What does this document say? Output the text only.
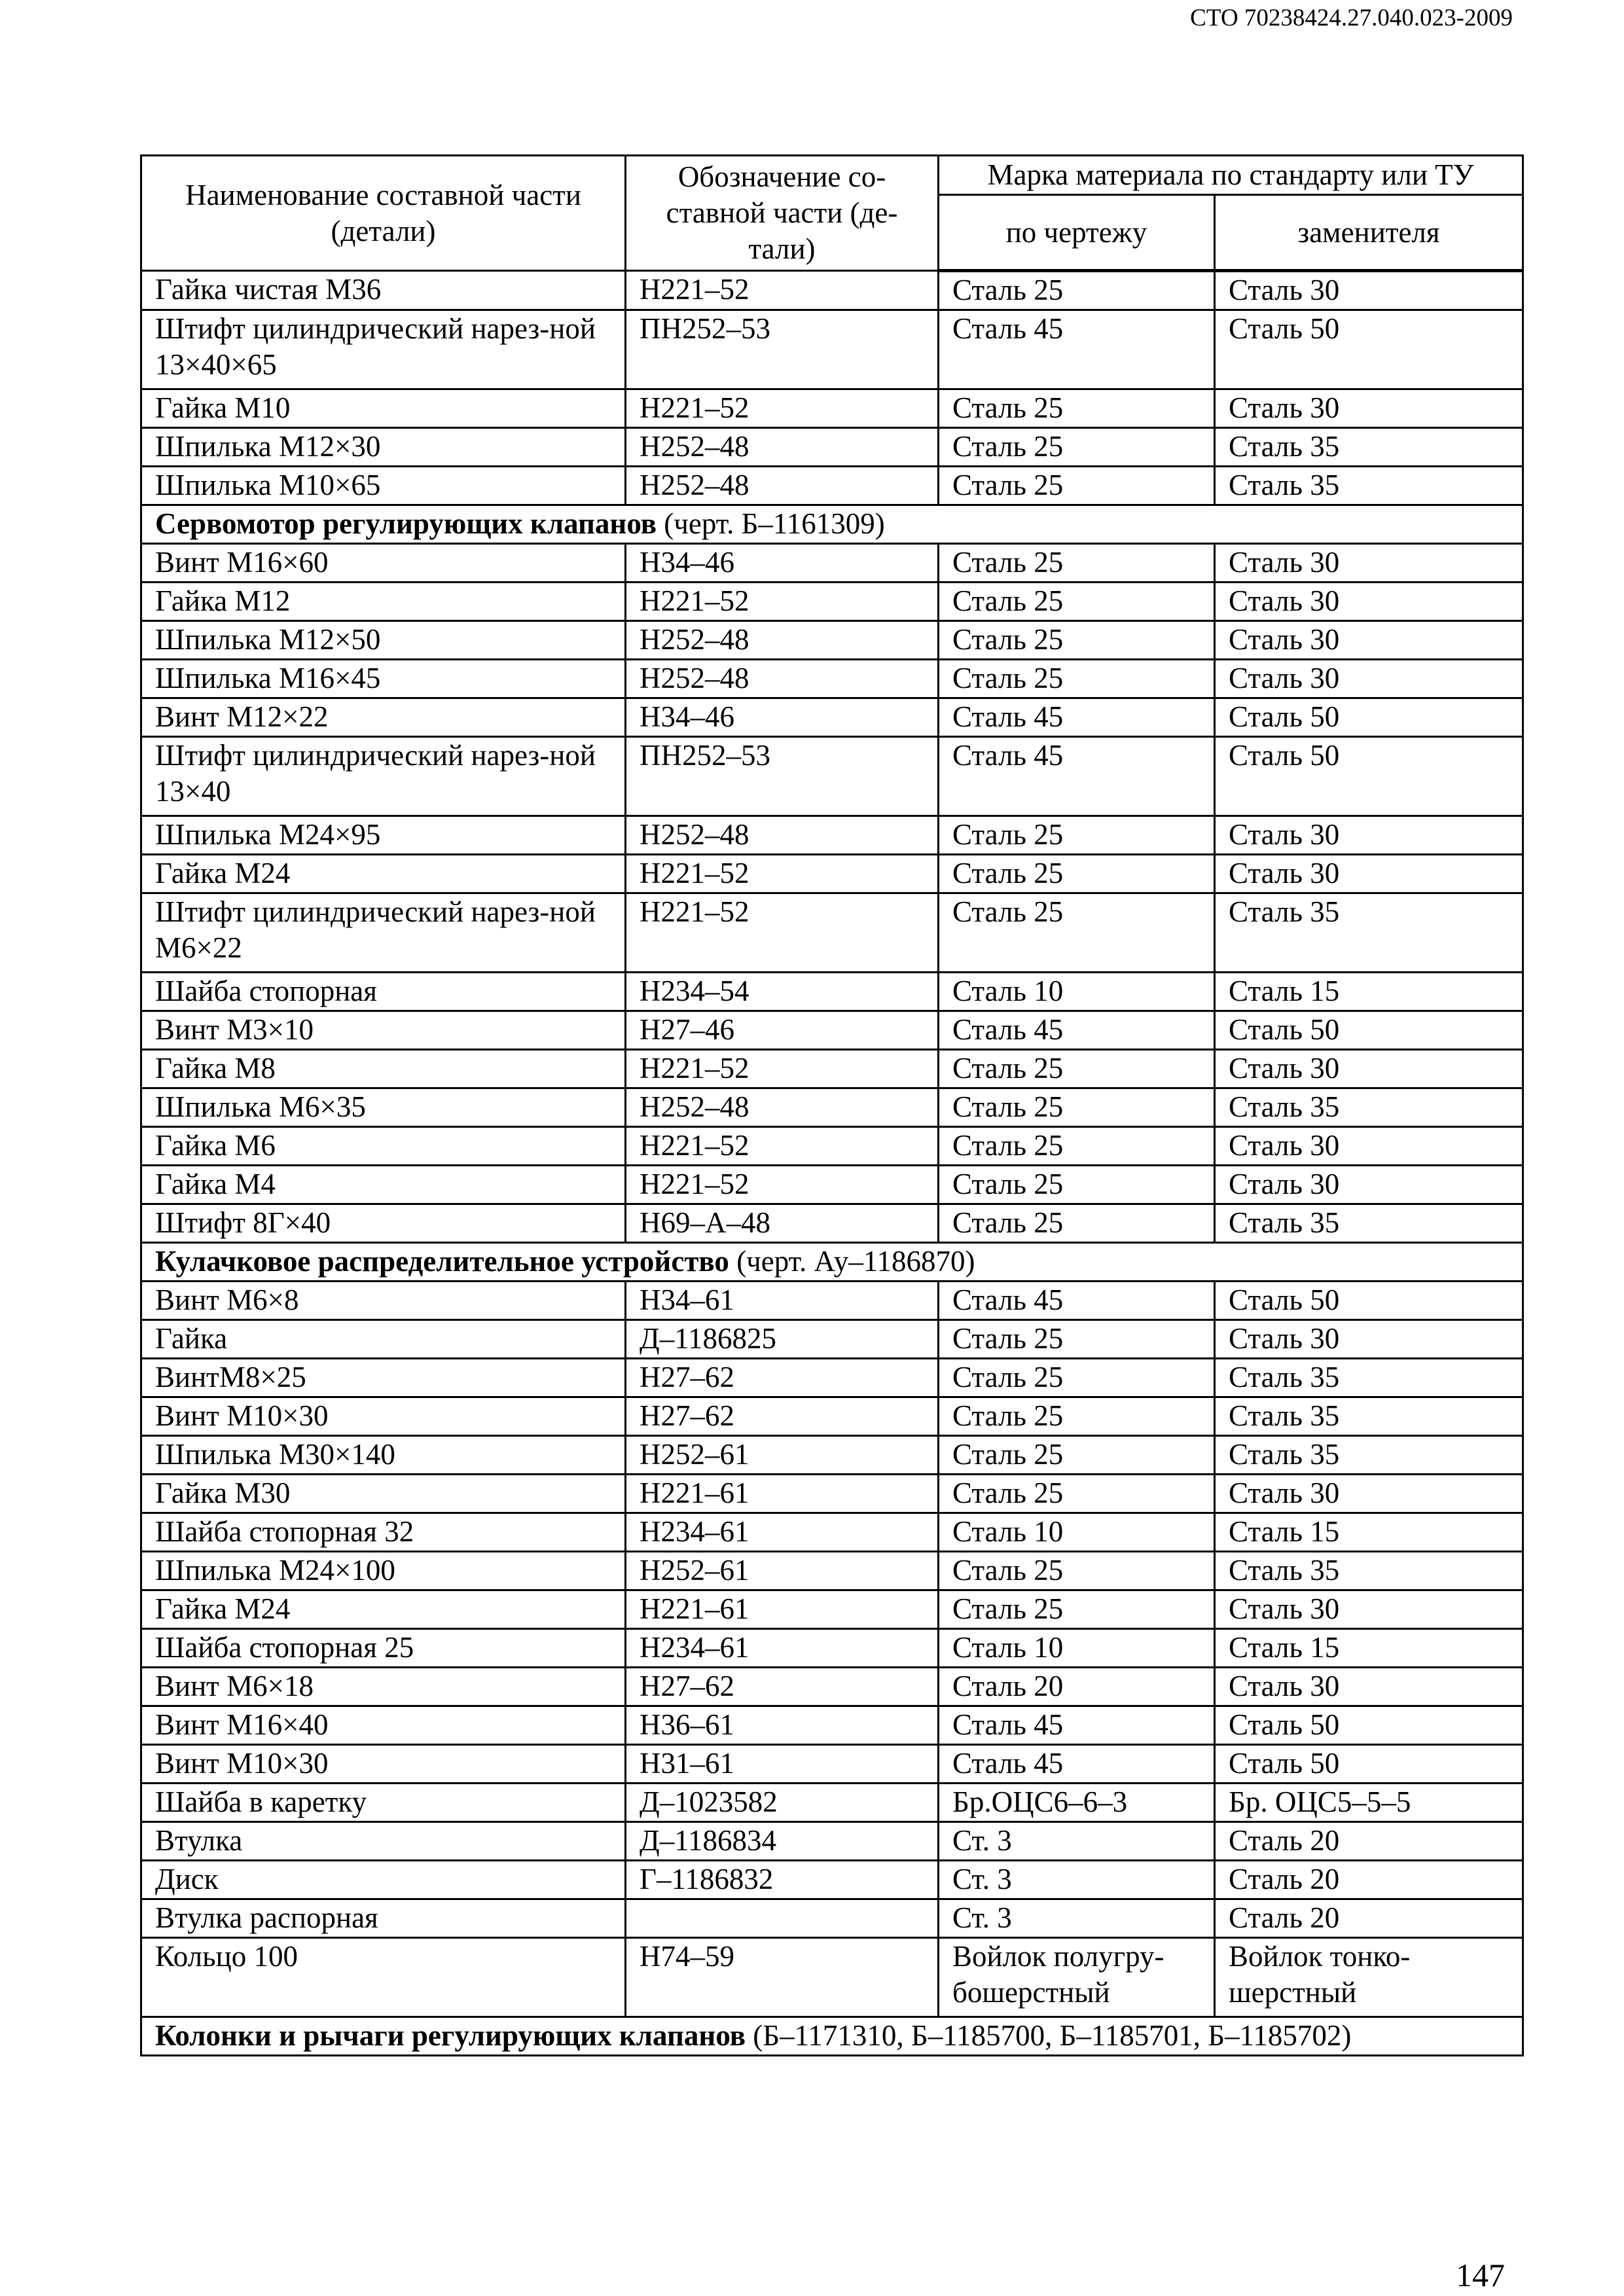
СТО 70238424.27.040.023-2009
Наименование составной части (детали)	Обозначение со-ставной части (де-тали)	Марка материала по стандарту или ТУ	
		по чертежу	заменителя
Гайка чистая М36	Н221–52	Сталь 25	Сталь 30
Штифт цилиндрический нарез-ной 13×40×65	ПН252–53	Сталь 45	Сталь 50
Гайка М10	Н221–52	Сталь 25	Сталь 30
Шпилька М12×30	Н252–48	Сталь 25	Сталь 35
Шпилька М10×65	Н252–48	Сталь 25	Сталь 35
Сервомотор регулирующих клапанов (черт. Б–1161309)			
Винт М16×60	Н34–46	Сталь 25	Сталь 30
Гайка М12	Н221–52	Сталь 25	Сталь 30
Шпилька М12×50	Н252–48	Сталь 25	Сталь 30
Шпилька М16×45	Н252–48	Сталь 25	Сталь 30
Винт М12×22	Н34–46	Сталь 45	Сталь 50
Штифт цилиндрический нарез-ной 13×40	ПН252–53	Сталь 45	Сталь 50
Шпилька М24×95	Н252–48	Сталь 25	Сталь 30
Гайка М24	Н221–52	Сталь 25	Сталь 30
Штифт цилиндрический нарез-ной М6×22	Н221–52	Сталь 25	Сталь 35
Шайба стопорная	Н234–54	Сталь 10	Сталь 15
Винт М3×10	Н27–46	Сталь 45	Сталь 50
Гайка М8	Н221–52	Сталь 25	Сталь 30
Шпилька М6×35	Н252–48	Сталь 25	Сталь 35
Гайка М6	Н221–52	Сталь 25	Сталь 30
Гайка М4	Н221–52	Сталь 25	Сталь 30
Штифт 8Г×40	Н69–А–48	Сталь 25	Сталь 35
Кулачковое распределительное устройство (черт. Ау–1186870)			
Винт М6×8	Н34–61	Сталь 45	Сталь 50
Гайка	Д–1186825	Сталь 25	Сталь 30
ВинтМ8×25	Н27–62	Сталь 25	Сталь 35
Винт М10×30	Н27–62	Сталь 25	Сталь 35
Шпилька М30×140	Н252–61	Сталь 25	Сталь 35
Гайка М30	Н221–61	Сталь 25	Сталь 30
Шайба стопорная 32	Н234–61	Сталь 10	Сталь 15
Шпилька М24×100	Н252–61	Сталь 25	Сталь 35
Гайка М24	Н221–61	Сталь 25	Сталь 30
Шайба стопорная 25	Н234–61	Сталь 10	Сталь 15
Винт М6×18	Н27–62	Сталь 20	Сталь 30
Винт М16×40	Н36–61	Сталь 45	Сталь 50
Винт М10×30	Н31–61	Сталь 45	Сталь 50
Шайба в каретку	Д–1023582	Бр.ОЦС6–6–3	Бр. ОЦС5–5–5
Втулка	Д–1186834	Ст. 3	Сталь 20
Диск	Г–1186832	Ст. 3	Сталь 20
Втулка распорная		Ст. 3	Сталь 20
Кольцо 100	Н74–59	Войлок полугру-бошерстный	Войлок тонко-шерстный
Колонки и рычаги регулирующих клапанов (Б–1171310, Б–1185700, Б–1185701, Б–1185702)			
147
